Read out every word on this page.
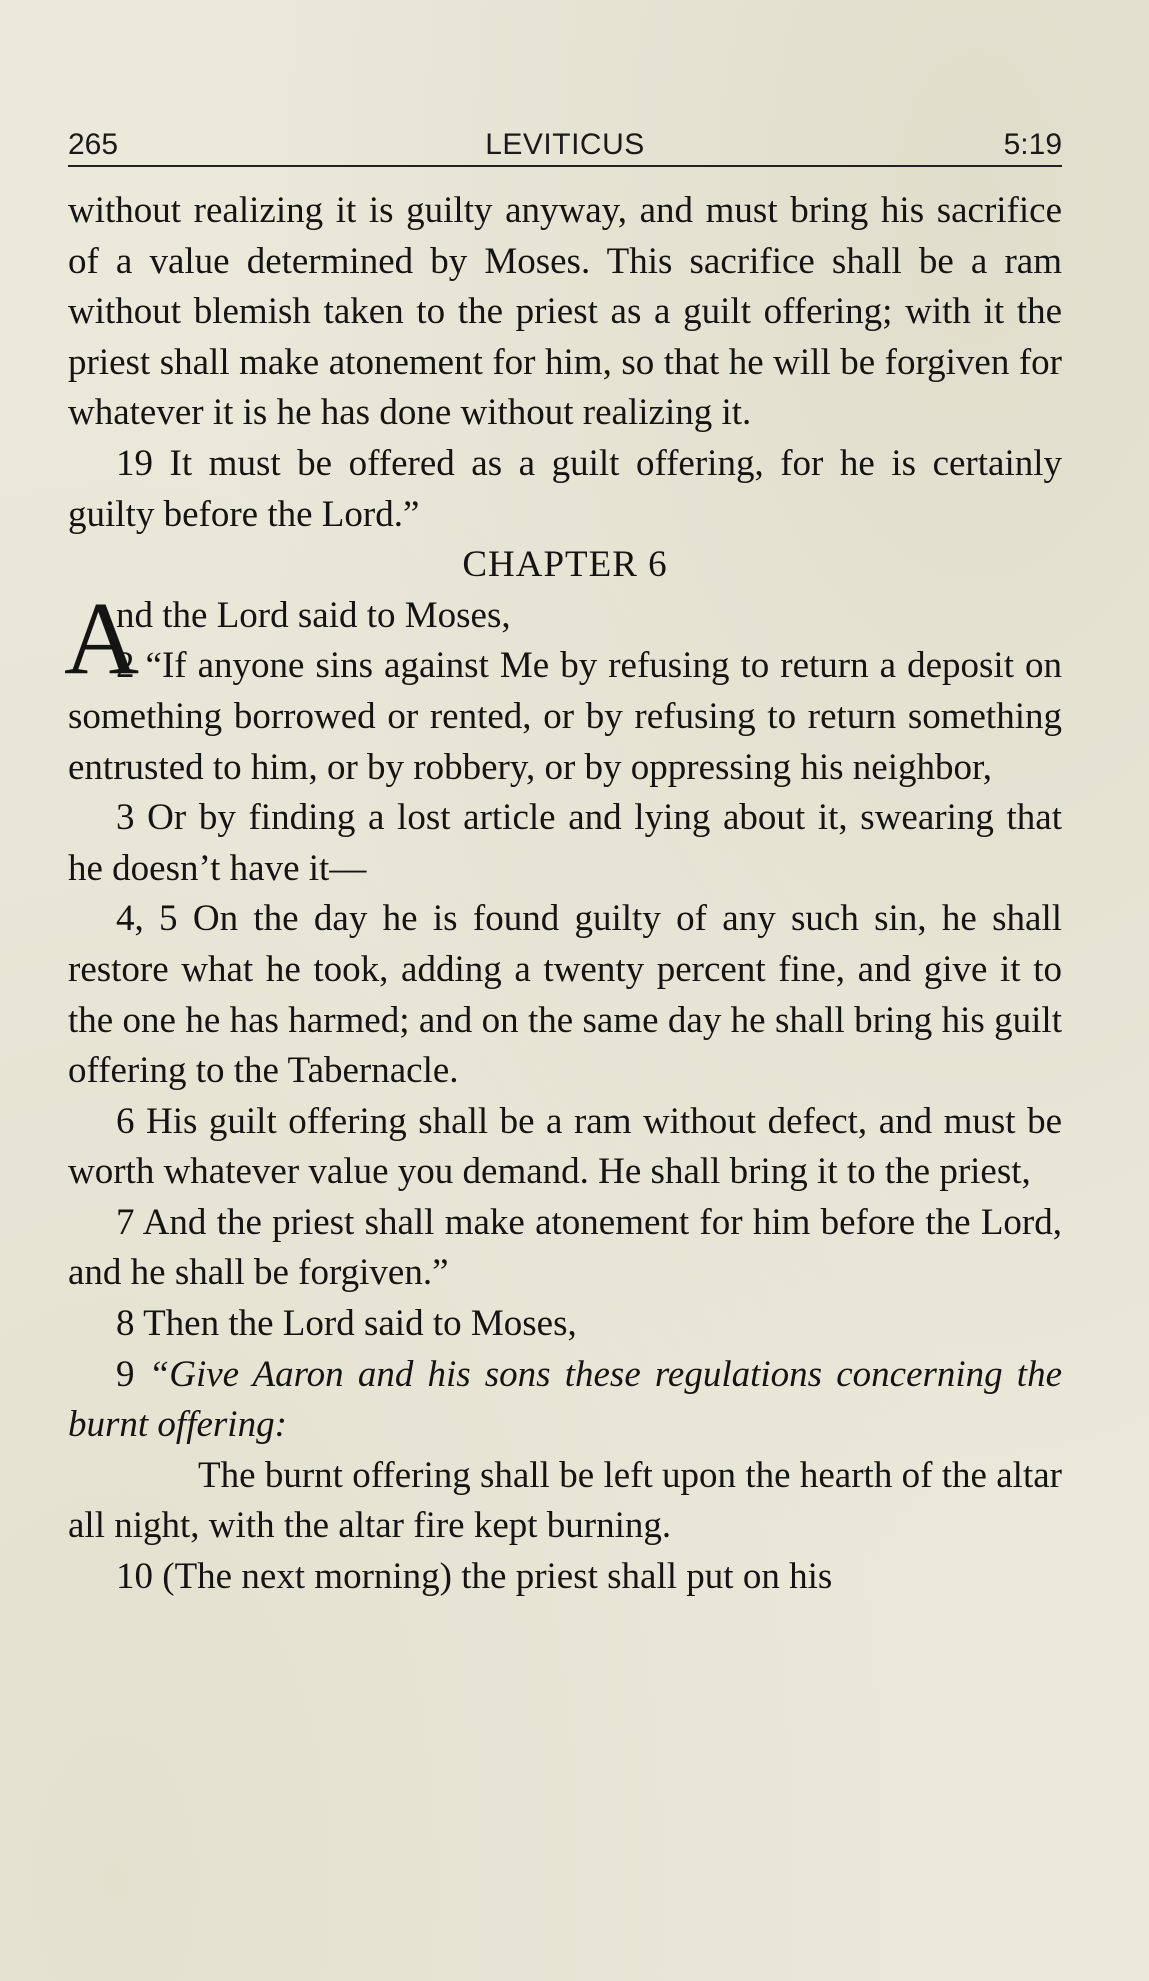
265	LEVITICUS	5:19

without realizing it is guilty anyway, and must bring his sacrifice of a value determined by Moses. This sacrifice shall be a ram without blemish taken to the priest as a guilt offering; with it the priest shall make atonement for him, so that he will be forgiven for whatever it is he has done without realizing it.

19 It must be offered as a guilt offering, for he is certainly guilty before the Lord.”

CHAPTER 6

A

nd the Lord said to Moses,

2 “If anyone sins against Me by refusing to return a deposit on something borrowed or rented, or by refusing to return something entrusted to him, or by robbery, or by oppressing his neighbor,

3 Or by finding a lost article and lying about it, swearing that he doesn’t have it—

4, 5 On the day he is found guilty of any such sin, he shall restore what he took, adding a twenty percent fine, and give it to the one he has harmed; and on the same day he shall bring his guilt offering to the Tabernacle.

6 His guilt offering shall be a ram without defect, and must be worth whatever value you demand. He shall bring it to the priest,

7 And the priest shall make atonement for him before the Lord, and he shall be forgiven.”

8 Then the Lord said to Moses,

9 “Give Aaron and his sons these regulations concerning the burnt offering:

The burnt offering shall be left upon the hearth of the altar all night, with the altar fire kept burning.

10 (The next morning) the priest shall put on his
